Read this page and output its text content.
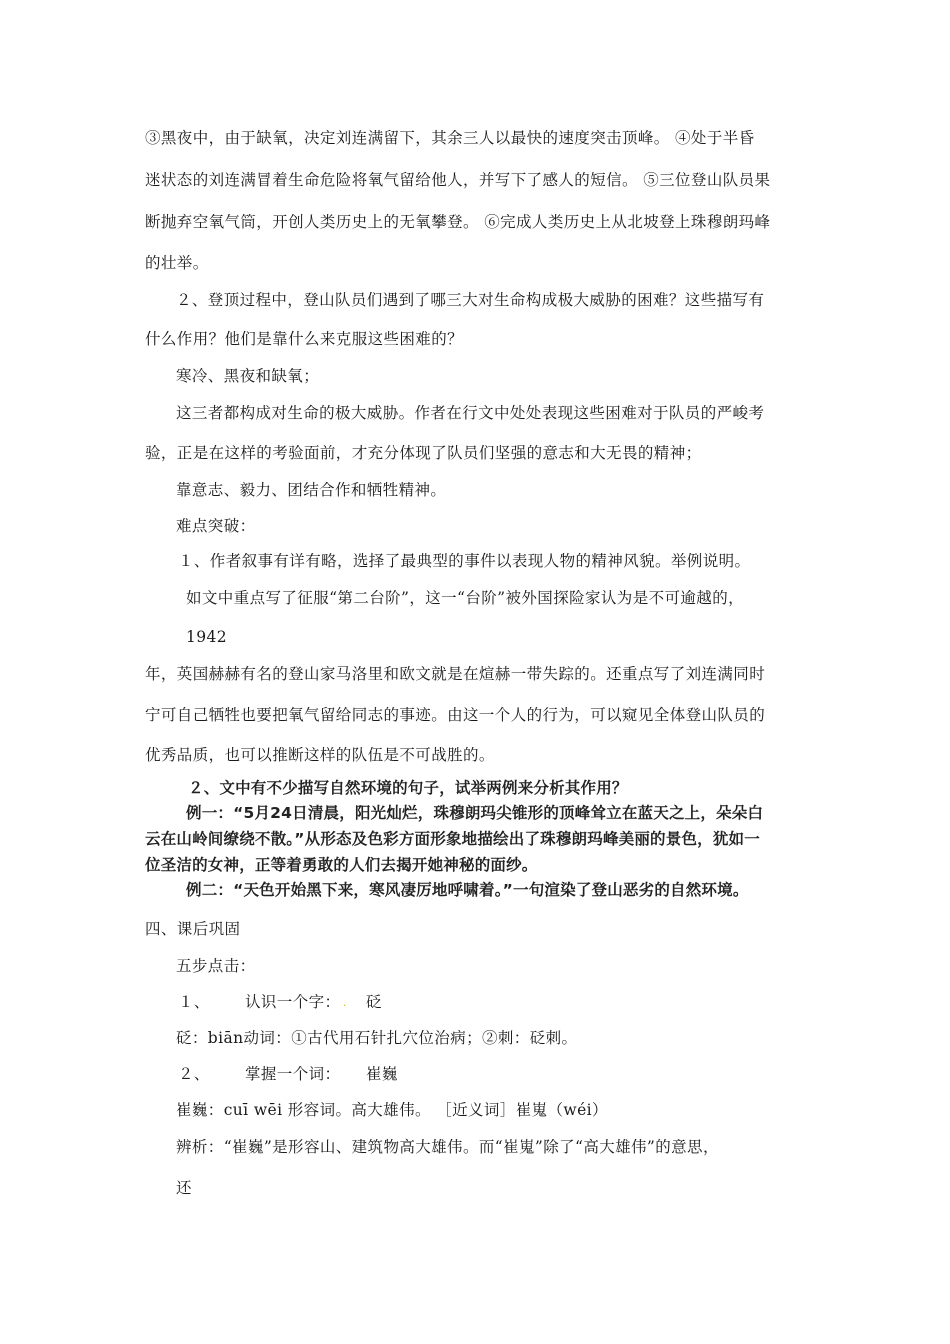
③黑夜中，由于缺氧，决定刘连满留下，其余三人以最快的速度突击顶峰。 ④处于半昏
迷状态的刘连满冒着生命危险将氧气留给他人，并写下了感人的短信。 ⑤三位登山队员果
断抛弃空氧气筒，开创人类历史上的无氧攀登。 ⑥完成人类历史上从北坡登上珠穆朗玛峰
的壮举。
２、登顶过程中，登山队员们遇到了哪三大对生命构成极大威胁的困难？这些描写有
什么作用？他们是靠什么来克服这些困难的？
寒冷、黑夜和缺氧；
这三者都构成对生命的极大威胁。作者在行文中处处表现这些困难对于队员的严峻考
验，正是在这样的考验面前，才充分体现了队员们坚强的意志和大无畏的精神；
靠意志、毅力、团结合作和牺牲精神。
难点突破：
１、作者叙事有详有略，选择了最典型的事件以表现人物的精神风貌。举例说明。
如文中重点写了征服“第二台阶”，这一“台阶”被外国探险家认为是不可逾越的，
1942
年，英国赫赫有名的登山家马洛里和欧文就是在煊赫一带失踪的。还重点写了刘连满同时
宁可自己牺牲也要把氧气留给同志的事迹。由这一个人的行为，可以窥见全体登山队员的
优秀品质，也可以推断这样的队伍是不可战胜的。
２、文中有不少描写自然环境的句子，试举两例来分析其作用？
例一：“5月24日清晨，阳光灿烂，珠穆朗玛尖锥形的顶峰耸立在蓝天之上，朵朵白
云在山岭间缭绕不散。”从形态及色彩方面形象地描绘出了珠穆朗玛峰美丽的景色，犹如一
位圣洁的女神，正等着勇敢的人们去揭开她神秘的面纱。
例二：“天色开始黑下来，寒风凄厉地呼啸着。”一句渲染了登山恶劣的自然环境。
四、课后巩固
五步点击：
１、 认识一个字： . 砭
砭：biān动词：①古代用石针扎穴位治病；②刺：砭刺。
２、 掌握一个词： 崔巍
崔巍：cuī wēi 形容词。高大雄伟。 ［近义词］崔嵬（wéi）
辨析：“崔巍”是形容山、建筑物高大雄伟。而“崔嵬”除了“高大雄伟”的意思，
还
